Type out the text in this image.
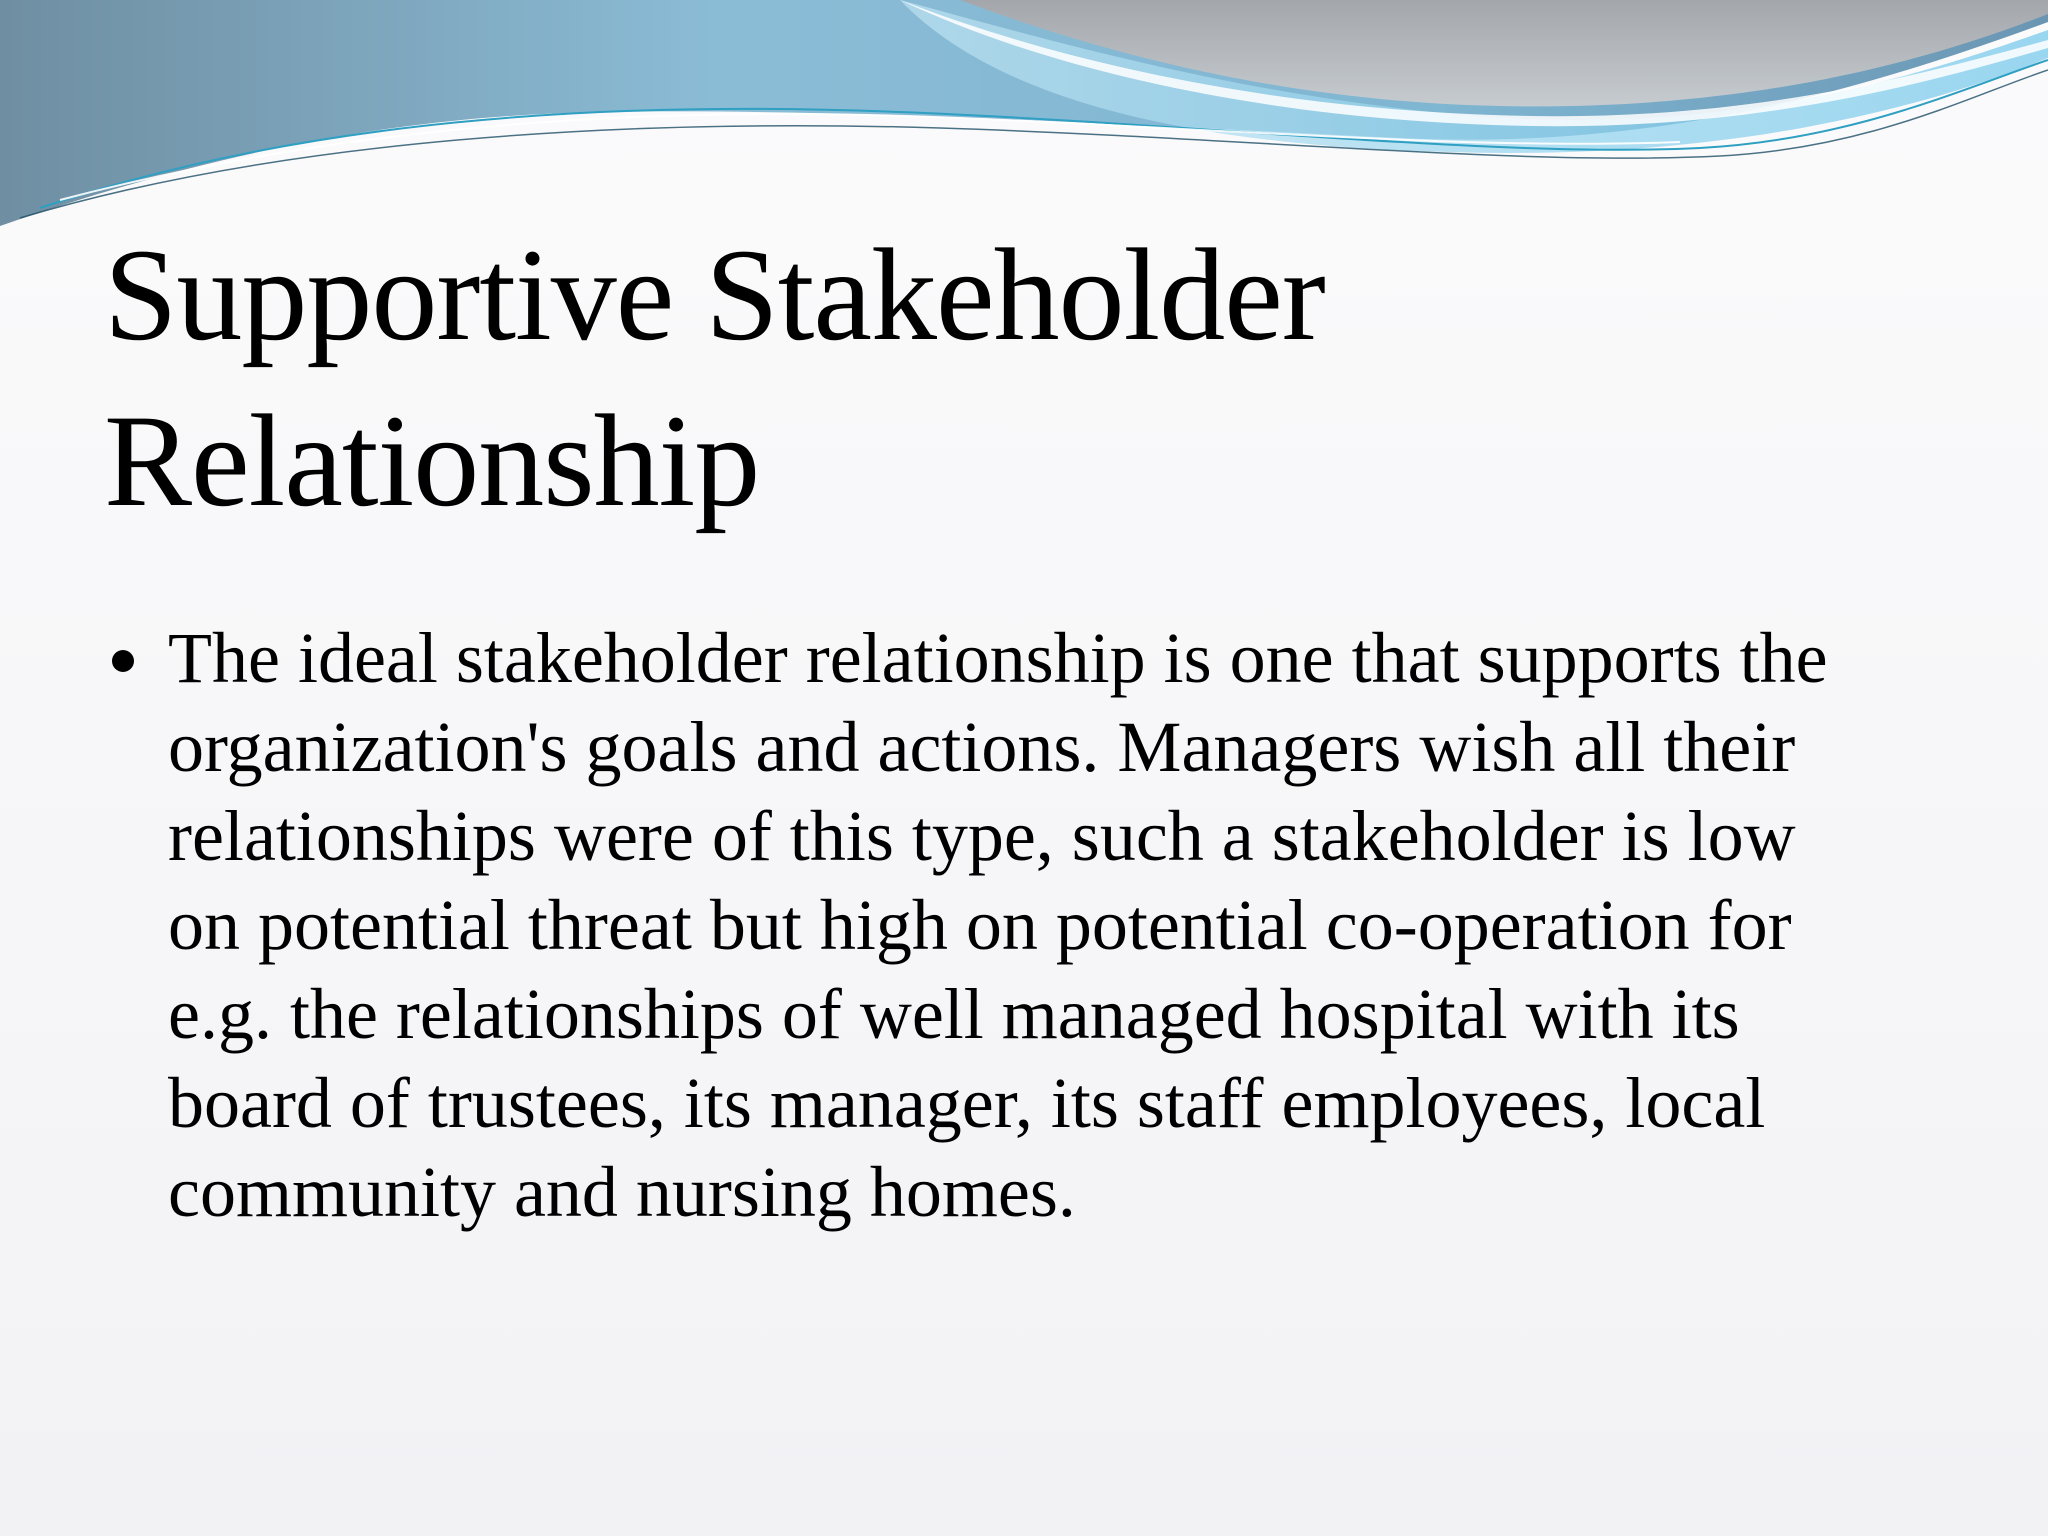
Supportive Stakeholder
Relationship
The ideal stakeholder relationship is one that supports the
organization's goals and actions. Managers wish all their
relationships were of this type, such a stakeholder is low
on potential threat but high on potential co-operation for
e.g. the relationships of well managed hospital with its
board of trustees, its manager, its staff employees, local
community and nursing homes.
